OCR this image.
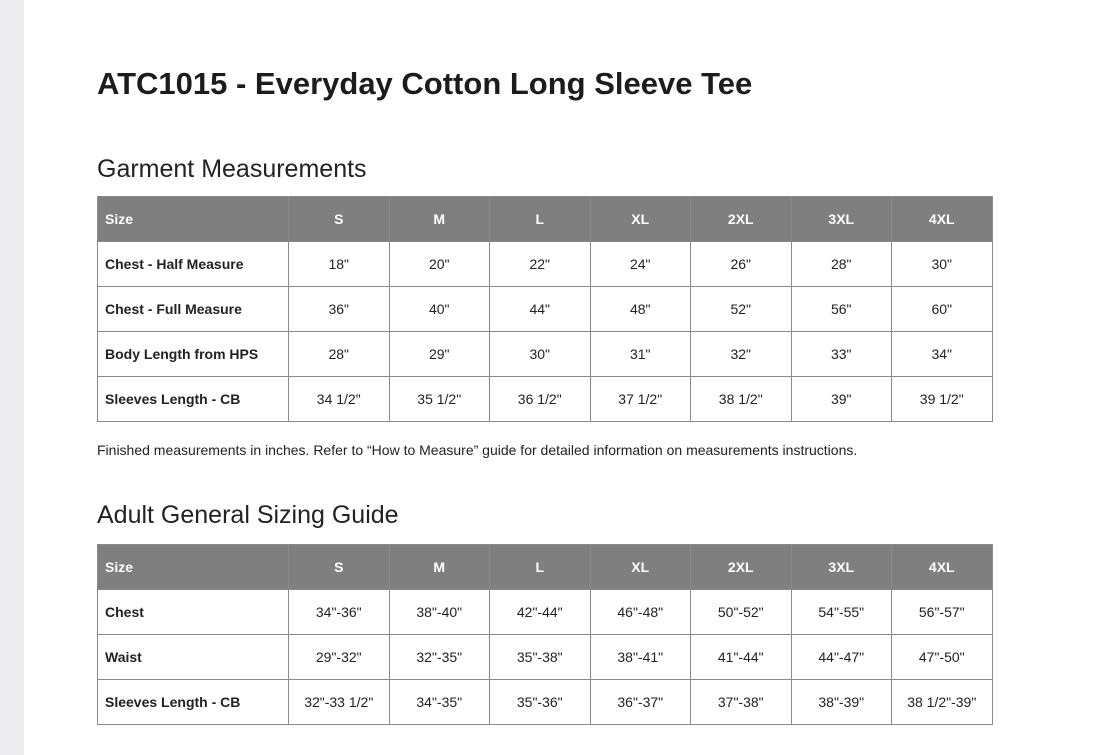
ATC1015 - Everyday Cotton Long Sleeve Tee
Garment Measurements
Size	S	M	L	XL	2XL	3XL	4XL
Chest - Half Measure	18"	20"	22"	24"	26"	28"	30"
Chest - Full Measure	36"	40"	44"	48"	52"	56"	60"
Body Length from HPS	28"	29"	30"	31"	32"	33"	34"
Sleeves Length - CB	34 1/2"	35 1/2"	36 1/2"	37 1/2"	38 1/2"	39"	39 1/2"

Finished measurements in inches. Refer to “How to Measure” guide for detailed information on measurements instructions.

Adult General Sizing Guide
Size	S	M	L	XL	2XL	3XL	4XL
Chest	34"-36"	38"-40"	42"-44"	46"-48"	50"-52"	54"-55"	56"-57"
Waist	29"-32"	32"-35"	35"-38"	38"-41"	41"-44"	44"-47"	47"-50"
Sleeves Length - CB	32"-33 1/2"	34"-35"	35"-36"	36"-37"	37"-38"	38"-39"	38 1/2"-39"
